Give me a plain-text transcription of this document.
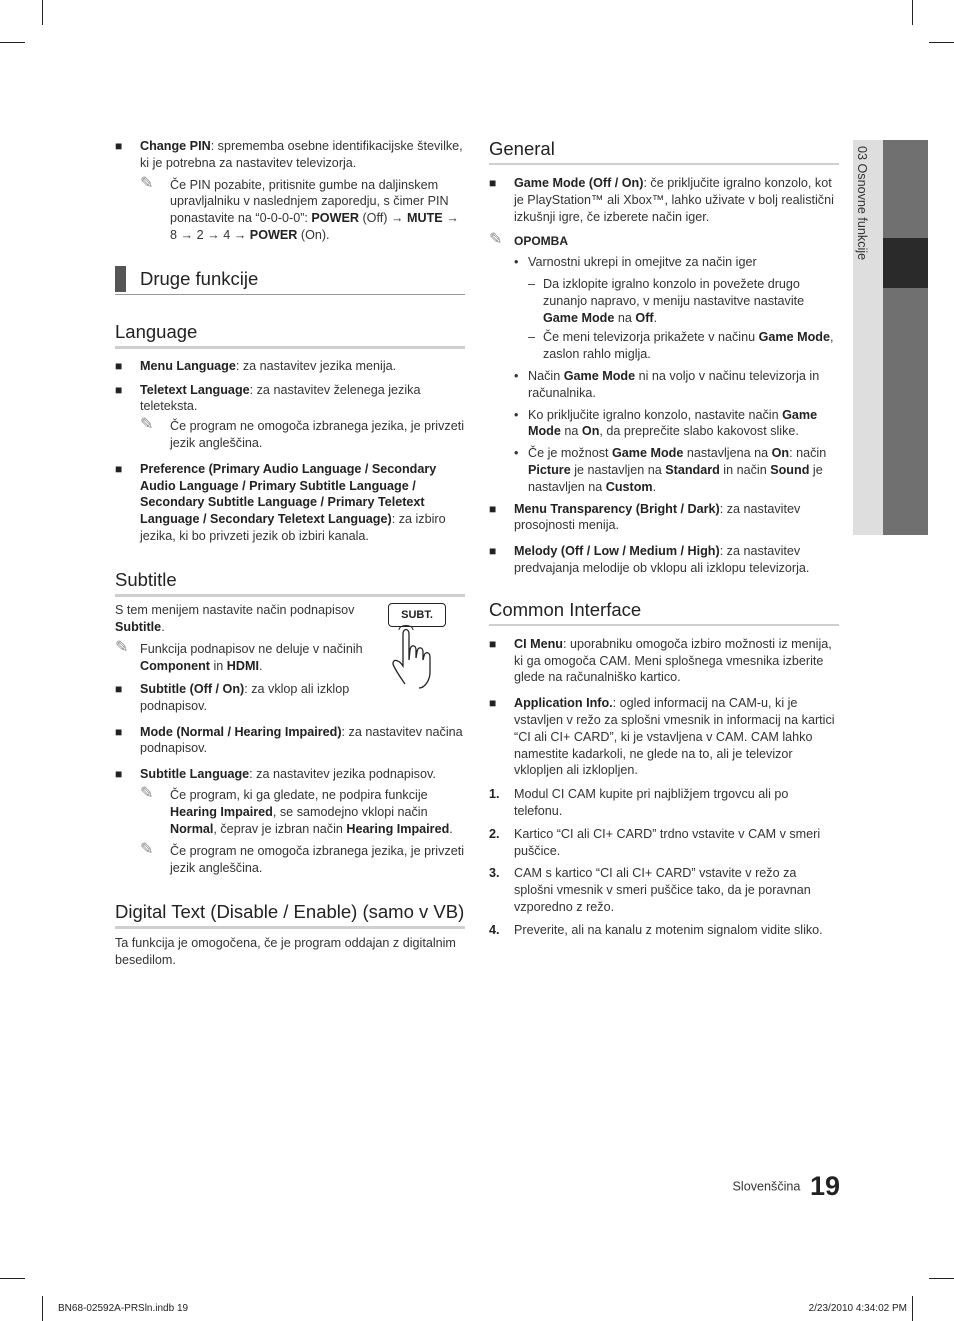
03 Osnovne funkcije
■ Change PIN: sprememba osebne identifikacijske številke, ki je potrebna za nastavitev televizorja.
✎ Če PIN pozabite, pritisnite gumbe na daljinskem upravljalniku v naslednjem zaporedju, s čimer PIN ponastavite na “0-0-0-0”: POWER (Off) → MUTE → 8 → 2 → 4 → POWER (On).
Druge funkcije
Language
■ Menu Language: za nastavitev jezika menija.
■ Teletext Language: za nastavitev želenega jezika teleteksta.
✎ Če program ne omogoča izbranega jezika, je privzeti jezik angleščina.
■ Preference (Primary Audio Language / Secondary Audio Language / Primary Subtitle Language / Secondary Subtitle Language / Primary Teletext Language / Secondary Teletext Language): za izbiro jezika, ki bo privzeti jezik ob izbiri kanala.
Subtitle
S tem menijem nastavite način podnapisov Subtitle.
✎ Funkcija podnapisov ne deluje v načinih Component in HDMI.
SUBT.
■ Subtitle (Off / On): za vklop ali izklop podnapisov.
■ Mode (Normal / Hearing Impaired): za nastavitev načina podnapisov.
■ Subtitle Language: za nastavitev jezika podnapisov.
✎ Če program, ki ga gledate, ne podpira funkcije Hearing Impaired, se samodejno vklopi način Normal, čeprav je izbran način Hearing Impaired.
✎ Če program ne omogoča izbranega jezika, je privzeti jezik angleščina.
Digital Text (Disable / Enable) (samo v VB)
Ta funkcija je omogočena, če je program oddajan z digitalnim besedilom.
General
■ Game Mode (Off / On): če priključite igralno konzolo, kot je PlayStation™ ali Xbox™, lahko uživate v bolj realistični izkušnji igre, če izberete način iger.
✎ OPOMBA
• Varnostni ukrepi in omejitve za način iger
– Da izklopite igralno konzolo in povežete drugo zunanjo napravo, v meniju nastavitve nastavite Game Mode na Off.
– Če meni televizorja prikažete v načinu Game Mode, zaslon rahlo miglja.
• Način Game Mode ni na voljo v načinu televizorja in računalnika.
• Ko priključite igralno konzolo, nastavite način Game Mode na On, da preprečite slabo kakovost slike.
• Če je možnost Game Mode nastavljena na On: način Picture je nastavljen na Standard in način Sound je nastavljen na Custom.
■ Menu Transparency (Bright / Dark): za nastavitev prosojnosti menija.
■ Melody (Off / Low / Medium / High): za nastavitev predvajanja melodije ob vklopu ali izklopu televizorja.
Common Interface
■ CI Menu: uporabniku omogoča izbiro možnosti iz menija, ki ga omogoča CAM. Meni splošnega vmesnika izberite glede na računalniško kartico.
■ Application Info.: ogled informacij na CAM-u, ki je vstavljen v režo za splošni vmesnik in informacij na kartici “CI ali CI+ CARD”, ki je vstavljena v CAM. CAM lahko namestite kadarkoli, ne glede na to, ali je televizor vklopljen ali izklopljen.
1. Modul CI CAM kupite pri najbližjem trgovcu ali po telefonu.
2. Kartico “CI ali CI+ CARD” trdno vstavite v CAM v smeri puščice.
3. CAM s kartico “CI ali CI+ CARD” vstavite v režo za splošni vmesnik v smeri puščice tako, da je poravnan vzporedno z režo.
4. Preverite, ali na kanalu z motenim signalom vidite sliko.
Slovenščina 19
BN68-02592A-PRSln.indb 19	2/23/2010 4:34:02 PM
